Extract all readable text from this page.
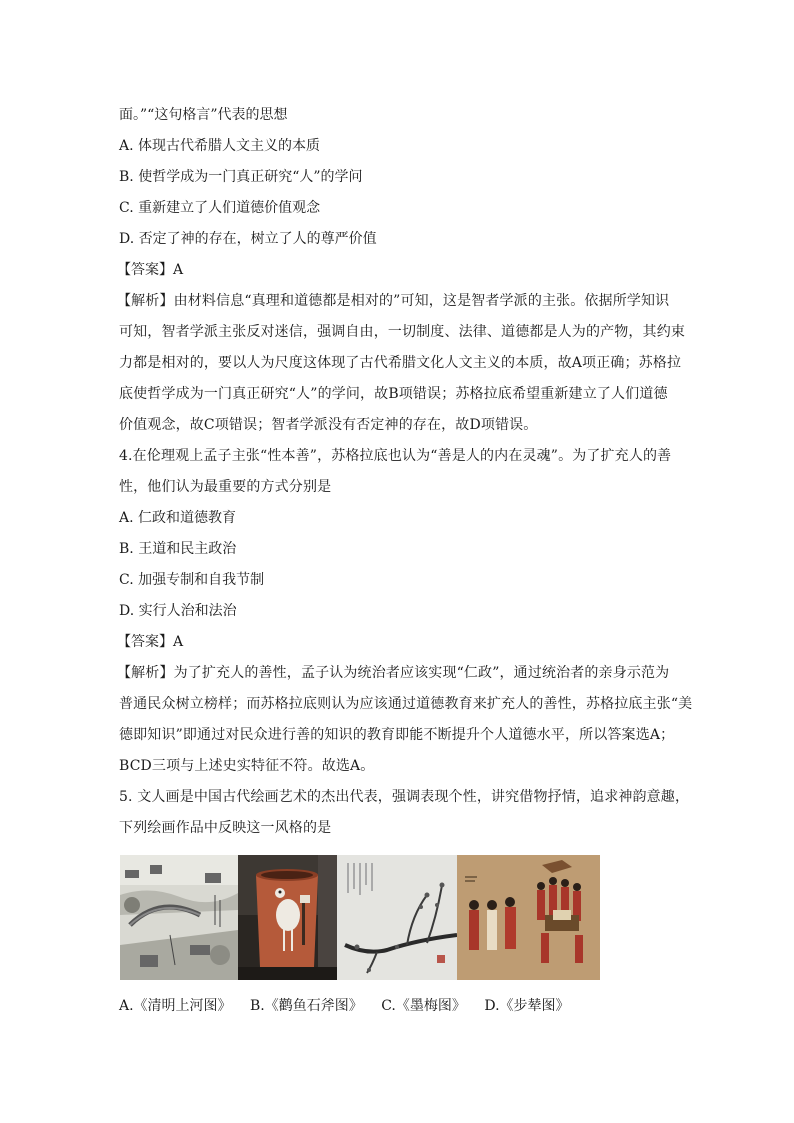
面。”“这句格言”代表的思想
A. 体现古代希腊人文主义的本质
B. 使哲学成为一门真正研究“人”的学问
C. 重新建立了人们道德价值观念
D. 否定了神的存在，树立了人的尊严价值
【答案】A
【解析】由材料信息“真理和道德都是相对的”可知，这是智者学派的主张。依据所学知识
可知，智者学派主张反对迷信，强调自由，一切制度、法律、道德都是人为的产物，其约束
力都是相对的，要以人为尺度这体现了古代希腊文化人文主义的本质，故A项正确；苏格拉
底使哲学成为一门真正研究“人”的学问，故B项错误；苏格拉底希望重新建立了人们道德
价值观念，故C项错误；智者学派没有否定神的存在，故D项错误。
4.在伦理观上孟子主张“性本善”，苏格拉底也认为“善是人的内在灵魂”。为了扩充人的善
性，他们认为最重要的方式分别是
A. 仁政和道德教育
B. 王道和民主政治
C. 加强专制和自我节制
D. 实行人治和法治
【答案】A
【解析】为了扩充人的善性，孟子认为统治者应该实现“仁政”，通过统治者的亲身示范为
普通民众树立榜样；而苏格拉底则认为应该通过道德教育来扩充人的善性，苏格拉底主张“美
德即知识”即通过对民众进行善的知识的教育即能不断提升个人道德水平，所以答案选A；
BCD三项与上述史实特征不符。故选A。
5. 文人画是中国古代绘画艺术的杰出代表，强调表现个性，讲究借物抒情，追求神韵意趣，
下列绘画作品中反映这一风格的是
A.《清明上河图》 B.《鹳鱼石斧图》 C.《墨梅图》 D.《步辇图》
